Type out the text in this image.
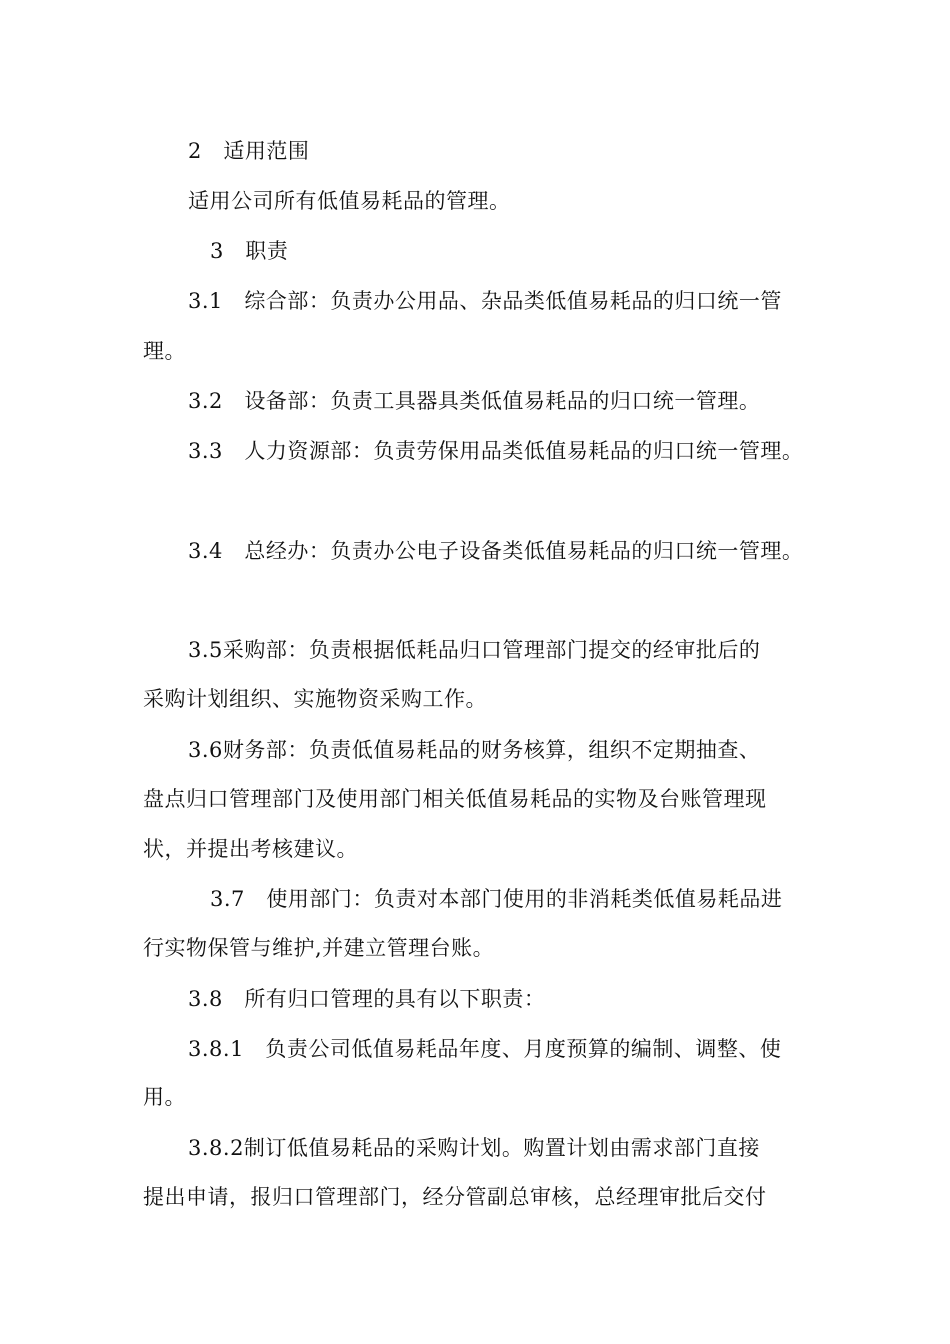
2　适用范围
适用公司所有低值易耗品的管理。
3　职责
3.1　综合部：负责办公用品、杂品类低值易耗品的归口统一管
理。
3.2　设备部：负责工具器具类低值易耗品的归口统一管理。
3.3　人力资源部：负责劳保用品类低值易耗品的归口统一管理。
3.4　总经办：负责办公电子设备类低值易耗品的归口统一管理。
3.5采购部：负责根据低耗品归口管理部门提交的经审批后的
采购计划组织、实施物资采购工作。
3.6财务部：负责低值易耗品的财务核算，组织不定期抽查、
盘点归口管理部门及使用部门相关低值易耗品的实物及台账管理现
状，并提出考核建议。
3.7　使用部门：负责对本部门使用的非消耗类低值易耗品进
行实物保管与维护,并建立管理台账。
3.8　所有归口管理的具有以下职责：
3.8.1　负责公司低值易耗品年度、月度预算的编制、调整、使
用。
3.8.2制订低值易耗品的采购计划。购置计划由需求部门直接
提出申请，报归口管理部门，经分管副总审核，总经理审批后交付
